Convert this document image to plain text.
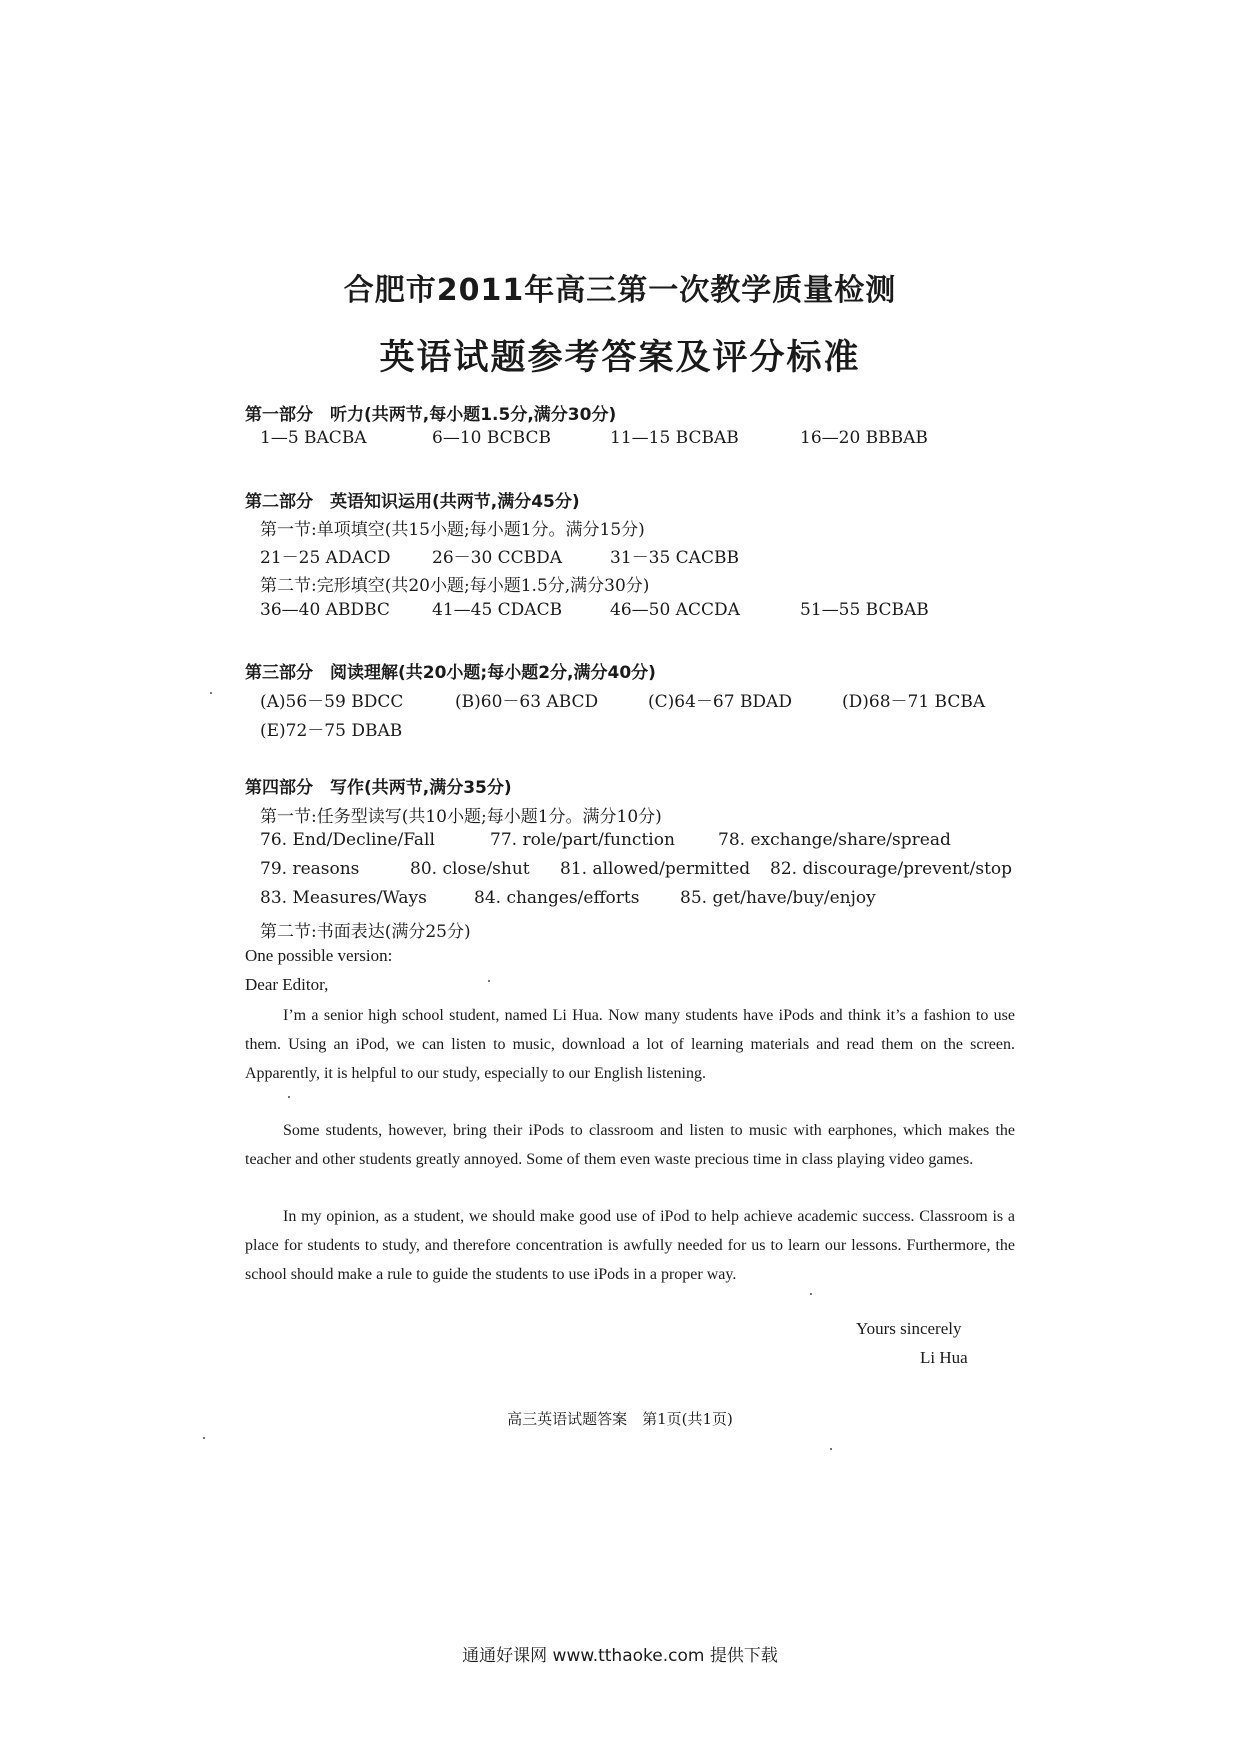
合肥市2011年高三第一次教学质量检测
英语试题参考答案及评分标准
第一部分　听力(共两节,每小题1.5分,满分30分)
1—5 BACBA	6—10 BCBCB	11—15 BCBAB	16—20 BBBAB
第二部分　英语知识运用(共两节,满分45分)
第一节:单项填空(共15小题;每小题1分。满分15分)
21－25 ADACD 26－30 CCBDA	31－35 CACBB
第二节:完形填空(共20小题;每小题1.5分,满分30分)
36—40 ABDBC 41—45 CDACB	46—50 ACCDA	51—55 BCBAB
第三部分　阅读理解(共20小题;每小题2分,满分40分)
(A)56－59 BDCC	(B)60－63 ABCD	(C)64－67 BDAD	(D)68－71 BCBA
(E)72－75 DBAB
第四部分　写作(共两节,满分35分)
第一节:任务型读写(共10小题;每小题1分。满分10分)
76. End/Decline/Fall	77. role/part/function	78. exchange/share/spread
79. reasons	80. close/shut 81. allowed/permitted 82. discourage/prevent/stop
83. Measures/Ways	84. changes/efforts 85. get/have/buy/enjoy
第二节:书面表达(满分25分)
One possible version:
Dear Editor,
I’m a senior high school student, named Li Hua. Now many students have iPods and think it’s a fashion to use them. Using an iPod, we can listen to music, download a lot of learning materials and read them on the screen. Apparently, it is helpful to our study, especially to our English listening.
Some students, however, bring their iPods to classroom and listen to music with earphones, which makes the teacher and other students greatly annoyed. Some of them even waste precious time in class playing video games.
In my opinion, as a student, we should make good use of iPod to help achieve academic success. Classroom is a place for students to study, and therefore concentration is awfully needed for us to learn our lessons. Furthermore, the school should make a rule to guide the students to use iPods in a proper way.
Yours sincerely
Li Hua
高三英语试题答案　第1页(共1页)
通通好课网 www.tthaoke.com 提供下载
